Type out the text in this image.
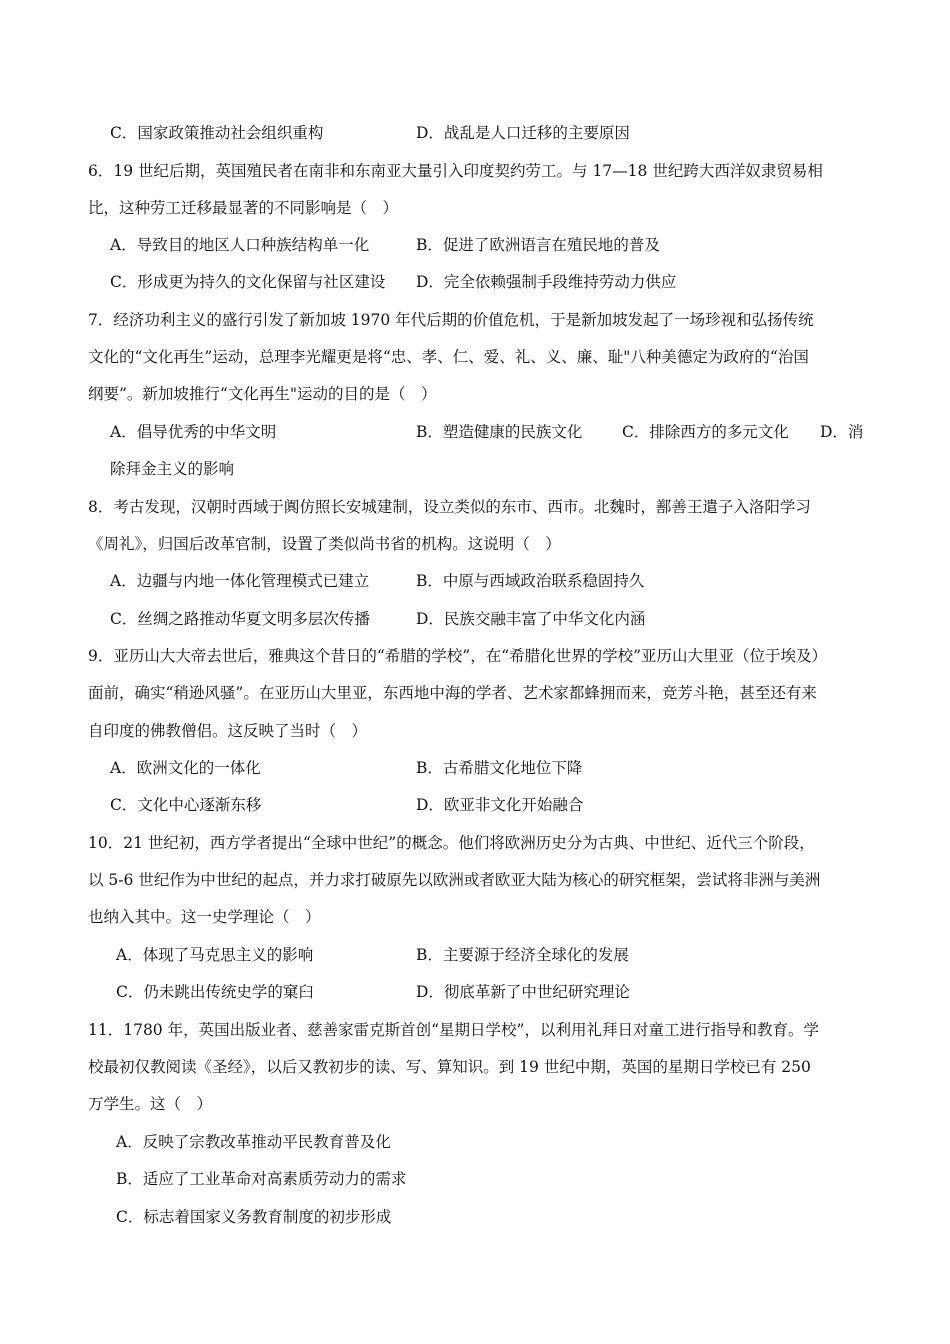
C．国家政策推动社会组织重构	D．战乱是人口迁移的主要原因
6．19 世纪后期，英国殖民者在南非和东南亚大量引入印度契约劳工。与 17—18 世纪跨大西洋奴隶贸易相
比，这种劳工迁移最显著的不同影响是（　）
A．导致目的地区人口种族结构单一化	B．促进了欧洲语言在殖民地的普及
C．形成更为持久的文化保留与社区建设 D．完全依赖强制手段维持劳动力供应
7．经济功利主义的盛行引发了新加坡 1970 年代后期的价值危机，于是新加坡发起了一场珍视和弘扬传统
文化的“文化再生”运动，总理李光耀更是将“忠、孝、仁、爱、礼、义、廉、耻"八种美德定为政府的“治国
纲要”。新加坡推行“文化再生"运动的目的是（　）
A．倡导优秀的中华文明	B．塑造健康的民族文化	C．排除西方的多元文化 D．消
除拜金主义的影响
8．考古发现，汉朝时西域于阗仿照长安城建制，设立类似的东市、西市。北魏时，鄯善王遣子入洛阳学习
《周礼》，归国后改革官制，设置了类似尚书省的机构。这说明（　）
A．边疆与内地一体化管理模式已建立	B．中原与西域政治联系稳固持久
C．丝绸之路推动华夏文明多层次传播	D．民族交融丰富了中华文化内涵
9．亚历山大大帝去世后，雅典这个昔日的“希腊的学校”，在“希腊化世界的学校”亚历山大里亚（位于埃及）
面前，确实“稍逊风骚”。在亚历山大里亚，东西地中海的学者、艺术家都蜂拥而来，竞芳斗艳，甚至还有来
自印度的佛教僧侣。这反映了当时（　）
A．欧洲文化的一体化	B．古希腊文化地位下降
C．文化中心逐渐东移	D．欧亚非文化开始融合
10．21 世纪初，西方学者提出“全球中世纪”的概念。他们将欧洲历史分为古典、中世纪、近代三个阶段，
以 5-6 世纪作为中世纪的起点，并力求打破原先以欧洲或者欧亚大陆为核心的研究框架，尝试将非洲与美洲
也纳入其中。这一史学理论（　）
A．体现了马克思主义的影响	B．主要源于经济全球化的发展
C．仍未跳出传统史学的窠臼	D．彻底革新了中世纪研究理论
11．1780 年，英国出版业者、慈善家雷克斯首创“星期日学校”，以利用礼拜日对童工进行指导和教育。学
校最初仅教阅读《圣经》，以后又教初步的读、写、算知识。到 19 世纪中期，英国的星期日学校已有 250
万学生。这（　）
A．反映了宗教改革推动平民教育普及化
B．适应了工业革命对高素质劳动力的需求
C．标志着国家义务教育制度的初步形成
